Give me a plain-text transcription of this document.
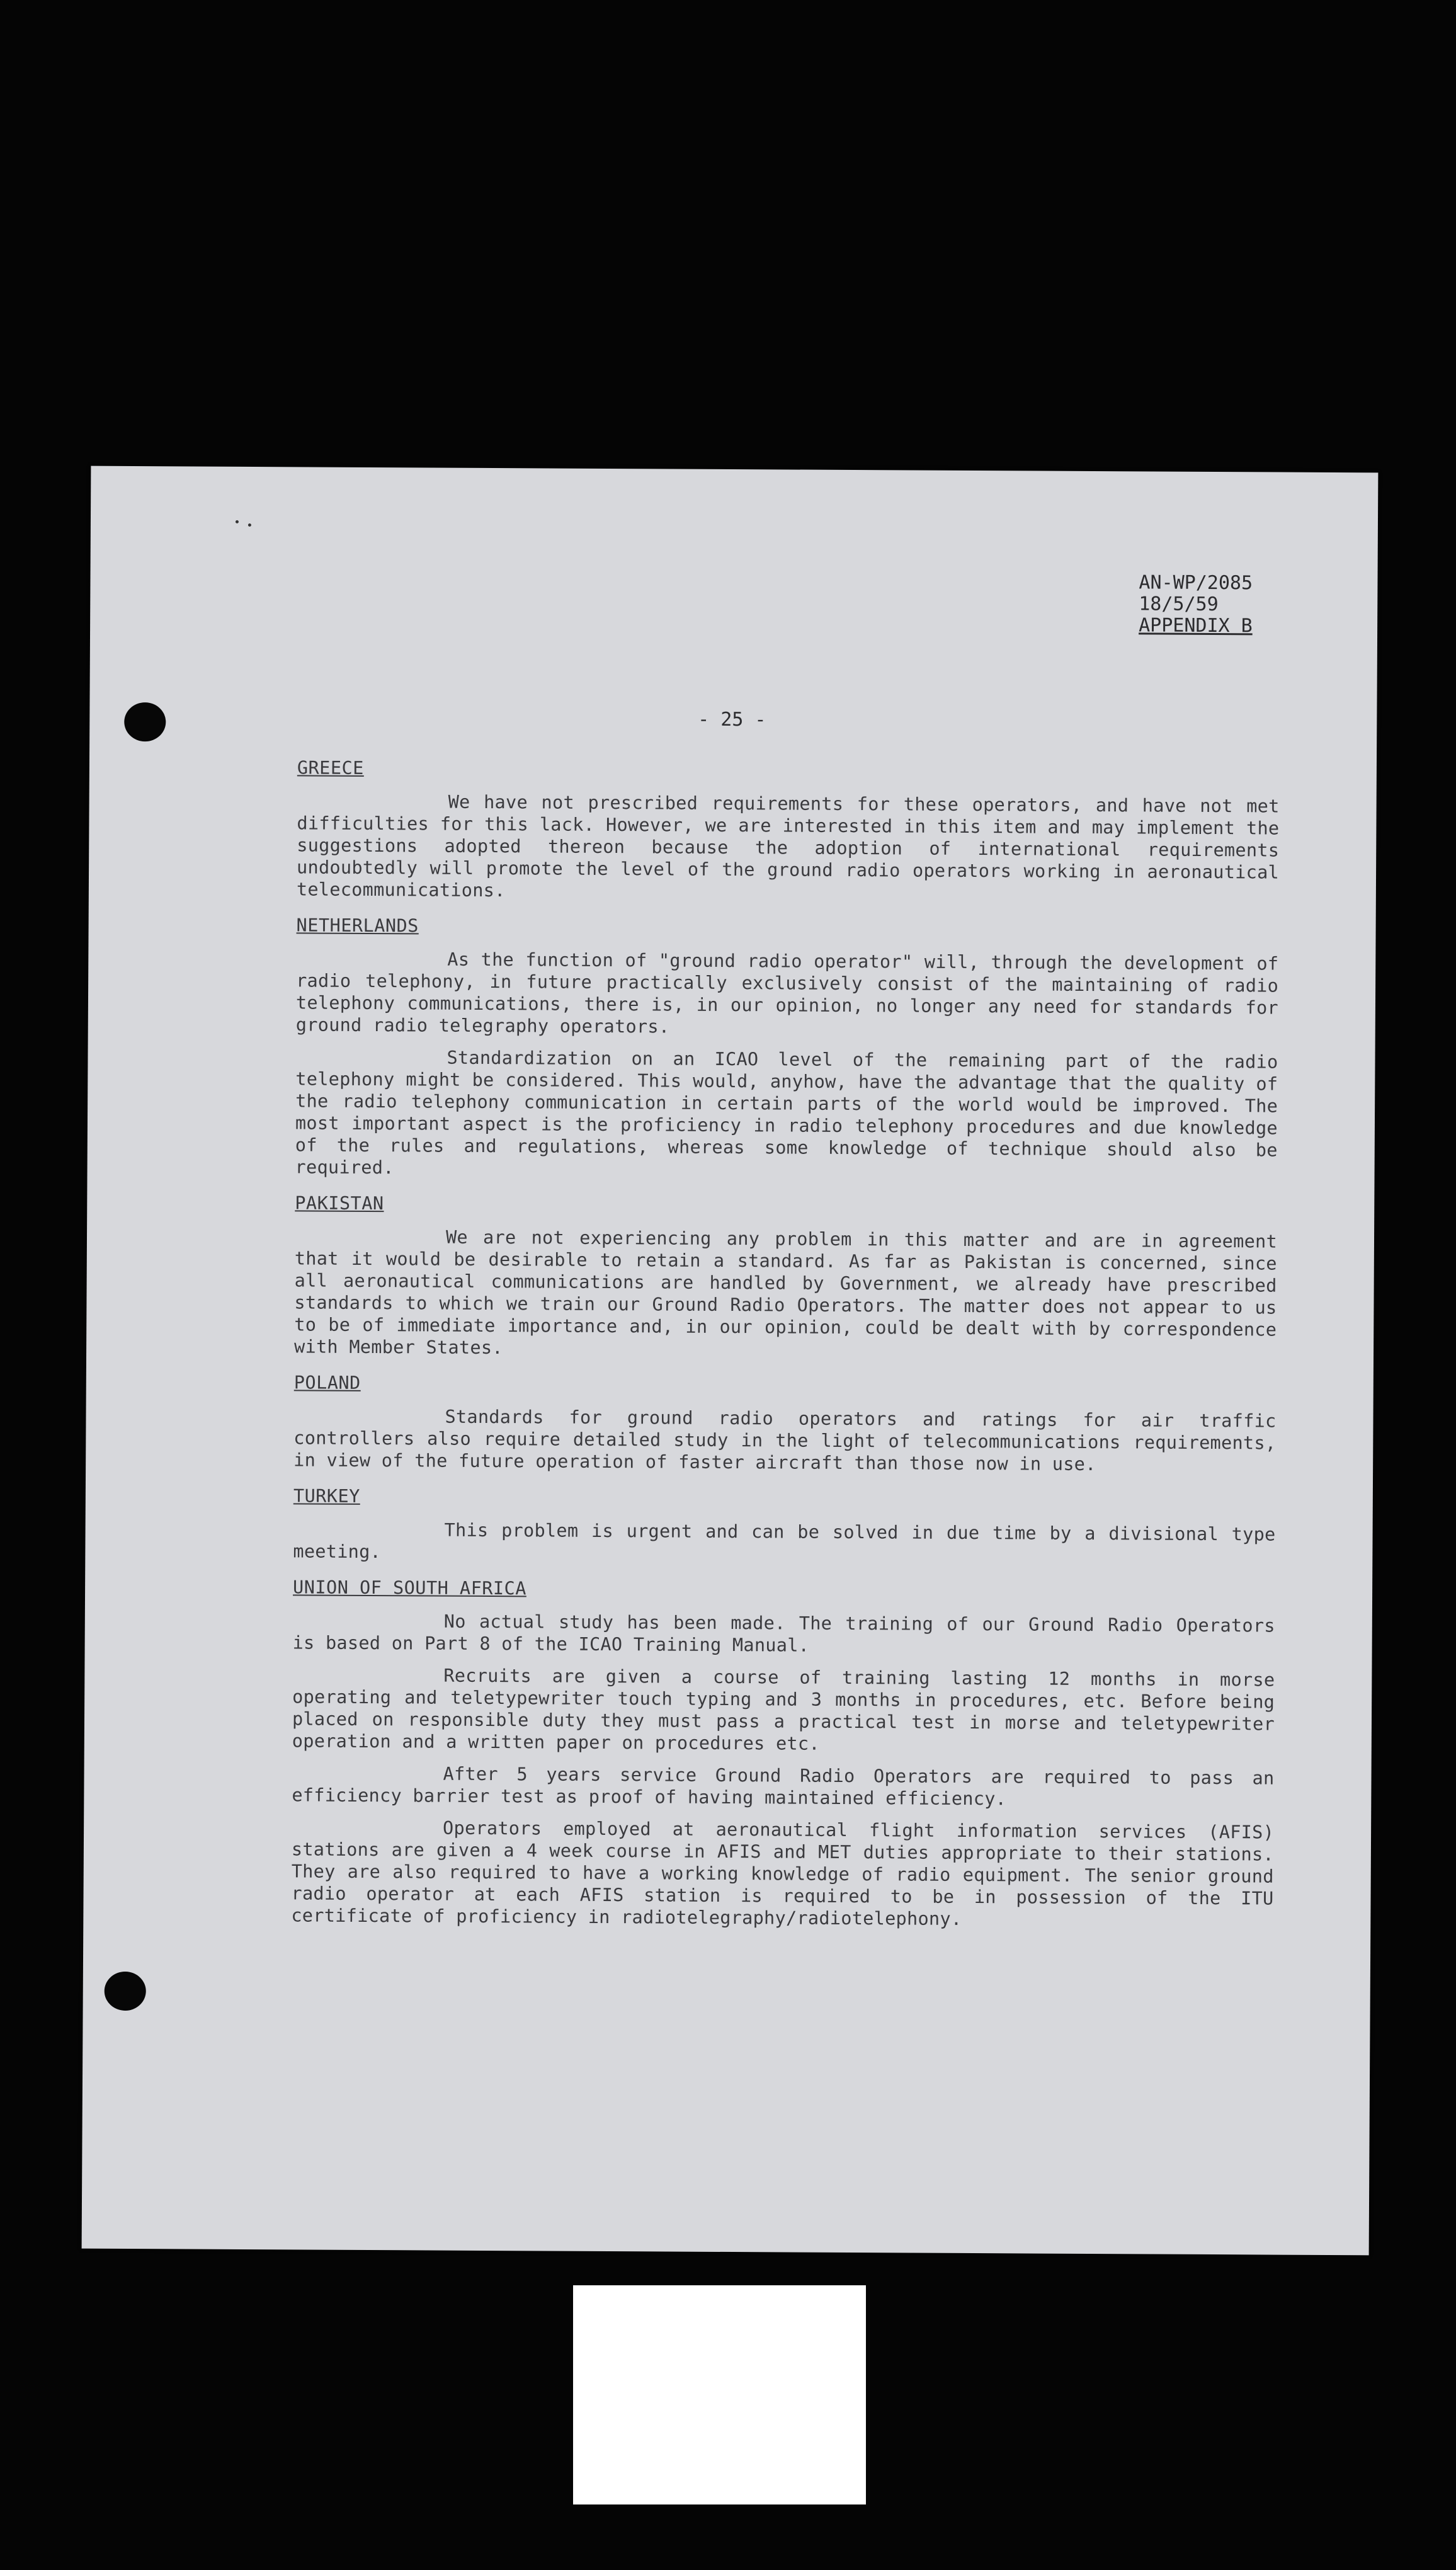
AN-WP/2085
18/5/59
APPENDIX B
- 25 -
GREECE

We have not prescribed requirements for these operators, and have not met difficulties for this lack. However, we are interested in this item and may implement the suggestions adopted thereon because the adoption of international requirements undoubtedly will promote the level of the ground radio operators working in aeronautical telecommunications.

NETHERLANDS

As the function of "ground radio operator" will, through the development of radio telephony, in future practically exclusively consist of the maintaining of radio telephony communications, there is, in our opinion, no longer any need for standards for ground radio telegraphy operators.

Standardization on an ICAO level of the remaining part of the radio telephony might be considered. This would, anyhow, have the advantage that the quality of the radio telephony communication in certain parts of the world would be improved. The most important aspect is the proficiency in radio telephony procedures and due knowledge of the rules and regulations, whereas some knowledge of technique should also be required.

PAKISTAN

We are not experiencing any problem in this matter and are in agreement that it would be desirable to retain a standard. As far as Pakistan is concerned, since all aeronautical communications are handled by Government, we already have prescribed standards to which we train our Ground Radio Operators. The matter does not appear to us to be of immediate importance and, in our opinion, could be dealt with by correspondence with Member States.

POLAND

Standards for ground radio operators and ratings for air traffic controllers also require detailed study in the light of telecommunications requirements, in view of the future operation of faster aircraft than those now in use.

TURKEY

This problem is urgent and can be solved in due time by a divisional type meeting.

UNION OF SOUTH AFRICA

No actual study has been made. The training of our Ground Radio Operators is based on Part 8 of the ICAO Training Manual.

Recruits are given a course of training lasting 12 months in morse operating and teletypewriter touch typing and 3 months in procedures, etc. Before being placed on responsible duty they must pass a practical test in morse and teletypewriter operation and a written paper on procedures etc.

After 5 years service Ground Radio Operators are required to pass an efficiency barrier test as proof of having maintained efficiency.

Operators employed at aeronautical flight information services (AFIS) stations are given a 4 week course in AFIS and MET duties appropriate to their stations. They are also required to have a working knowledge of radio equipment. The senior ground radio operator at each AFIS station is required to be in possession of the ITU certificate of proficiency in radiotelegraphy/radiotelephony.
